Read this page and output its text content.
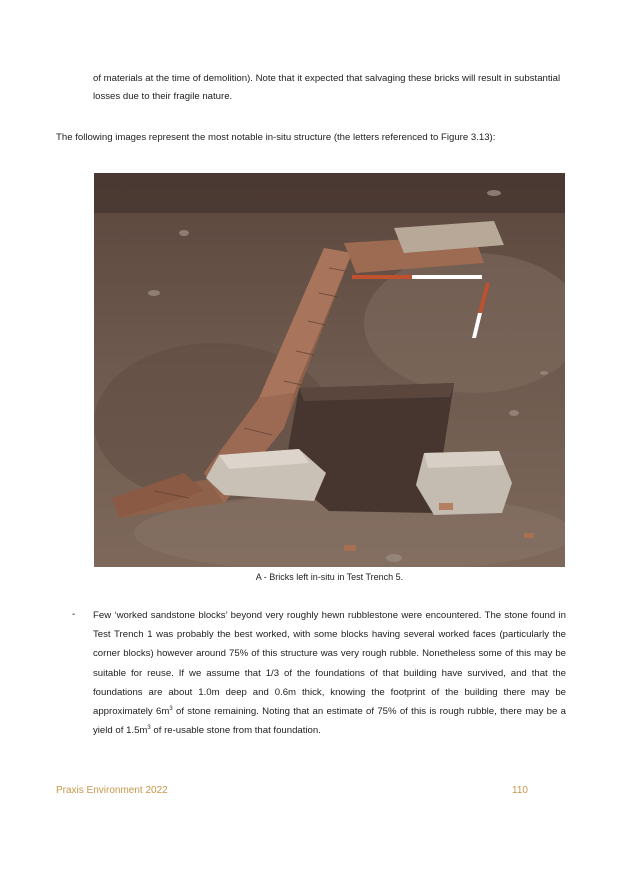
of materials at the time of demolition). Note that it expected that salvaging these bricks will result in substantial
losses due to their fragile nature.
The following images represent the most notable in-situ structure (the letters referenced to Figure 3.13):
A - Bricks left in-situ in Test Trench 5.
- Few ‘worked sandstone blocks’ beyond very roughly hewn rubblestone were encountered. The stone found in Test Trench 1 was probably the best worked, with some blocks having several worked faces (particularly the corner blocks) however around 75% of this structure was very rough rubble. Nonetheless some of this may be suitable for reuse. If we assume that 1/3 of the foundations of that building have survived, and that the foundations are about 1.0m deep and 0.6m thick, knowing the footprint of the building there may be approximately $6m^3$ of stone remaining. Noting that an estimate of 75% of this is rough rubble, there may be a yield of $1.5m^3$ of re-usable stone from that foundation.
Praxis Environment 2022	110
